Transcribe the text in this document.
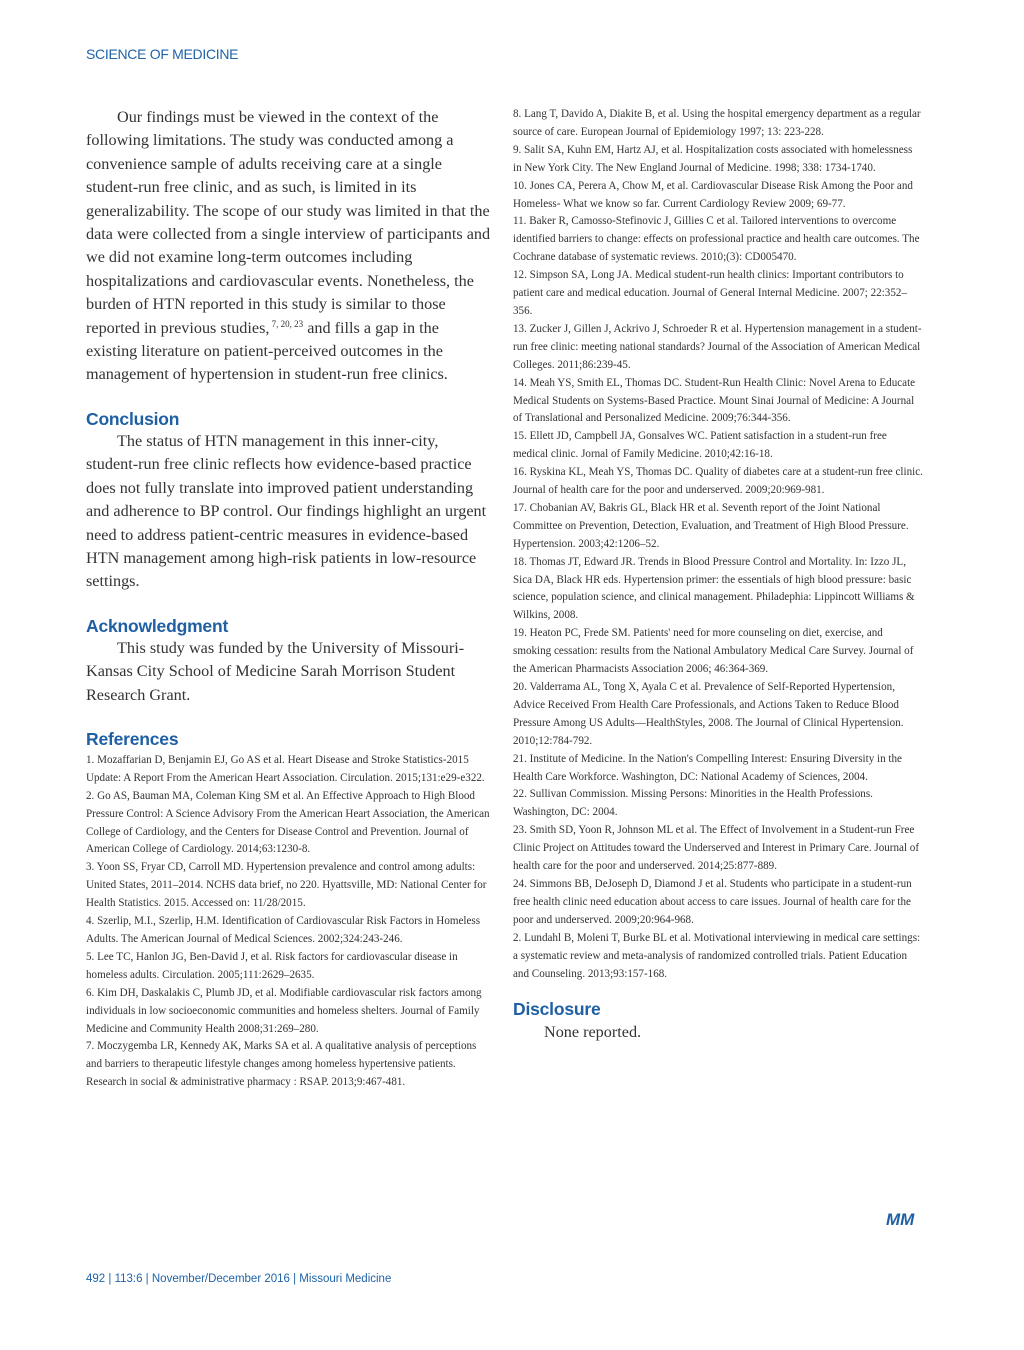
SCIENCE OF MEDICINE

Our findings must be viewed in the context of the following limitations. The study was conducted among a convenience sample of adults receiving care at a single student-run free clinic, and as such, is limited in its generalizability. The scope of our study was limited in that the data were collected from a single interview of participants and we did not examine long-term outcomes including hospitalizations and cardiovascular events. Nonetheless, the burden of HTN reported in this study is similar to those reported in previous studies, $^{7, 20, 23}$ and fills a gap in the existing literature on patient-perceived outcomes in the management of hypertension in student-run free clinics.

Conclusion

The status of HTN management in this inner-city, student-run free clinic reflects how evidence-based practice does not fully translate into improved patient understanding and adherence to BP control. Our findings highlight an urgent need to address patient-centric measures in evidence-based HTN management among high-risk patients in low-resource settings.

Acknowledgment

This study was funded by the University of Missouri- Kansas City School of Medicine Sarah Morrison Student Research Grant.

References
1. Mozaffarian D, Benjamin EJ, Go AS et al. Heart Disease and Stroke Statistics-2015 Update: A Report From the American Heart Association. Circulation. 2015;131:e29-e322.
2. Go AS, Bauman MA, Coleman King SM et al. An Effective Approach to High Blood Pressure Control: A Science Advisory From the American Heart Association, the American College of Cardiology, and the Centers for Disease Control and Prevention. Journal of American College of Cardiology. 2014;63:1230-8.
3. Yoon SS, Fryar CD, Carroll MD. Hypertension prevalence and control among adults: United States, 2011–2014. NCHS data brief, no 220. Hyattsville, MD: National Center for Health Statistics. 2015. Accessed on: 11/28/2015.
4. Szerlip, M.I., Szerlip, H.M. Identification of Cardiovascular Risk Factors in Homeless Adults. The American Journal of Medical Sciences. 2002;324:243-246.
5. Lee TC, Hanlon JG, Ben-David J, et al. Risk factors for cardiovascular disease in homeless adults. Circulation. 2005;111:2629–2635.
6. Kim DH, Daskalakis C, Plumb JD, et al. Modifiable cardiovascular risk factors among individuals in low socioeconomic communities and homeless shelters. Journal of Family Medicine and Community Health 2008;31:269–280.
7. Moczygemba LR, Kennedy AK, Marks SA et al. A qualitative analysis of perceptions and barriers to therapeutic lifestyle changes among homeless hypertensive patients. Research in social & administrative pharmacy : RSAP. 2013;9:467-481.
8. Lang T, Davido A, Diakite B, et al. Using the hospital emergency department as a regular source of care. European Journal of Epidemiology 1997; 13: 223-228.
9. Salit SA, Kuhn EM, Hartz AJ, et al. Hospitalization costs associated with homelessness in New York City. The New England Journal of Medicine. 1998; 338: 1734-1740.
10. Jones CA, Perera A, Chow M, et al. Cardiovascular Disease Risk Among the Poor and Homeless- What we know so far. Current Cardiology Review 2009; 69-77.
11. Baker R, Camosso-Stefinovic J, Gillies C et al. Tailored interventions to overcome identified barriers to change: effects on professional practice and health care outcomes. The Cochrane database of systematic reviews. 2010;(3): CD005470.
12. Simpson SA, Long JA. Medical student-run health clinics: Important contributors to patient care and medical education. Journal of General Internal Medicine. 2007; 22:352–356.
13. Zucker J, Gillen J, Ackrivo J, Schroeder R et al. Hypertension management in a student-run free clinic: meeting national standards? Journal of the Association of American Medical Colleges. 2011;86:239-45.
14. Meah YS, Smith EL, Thomas DC. Student-Run Health Clinic: Novel Arena to Educate Medical Students on Systems-Based Practice. Mount Sinai Journal of Medicine: A Journal of Translational and Personalized Medicine. 2009;76:344-356.
15. Ellett JD, Campbell JA, Gonsalves WC. Patient satisfaction in a student-run free medical clinic. Jornal of Family Medicine. 2010;42:16-18.
16. Ryskina KL, Meah YS, Thomas DC. Quality of diabetes care at a student-run free clinic. Journal of health care for the poor and underserved. 2009;20:969-981.
17. Chobanian AV, Bakris GL, Black HR et al. Seventh report of the Joint National Committee on Prevention, Detection, Evaluation, and Treatment of High Blood Pressure. Hypertension. 2003;42:1206–52.
18. Thomas JT, Edward JR. Trends in Blood Pressure Control and Mortality. In: Izzo JL, Sica DA, Black HR eds. Hypertension primer: the essentials of high blood pressure: basic science, population science, and clinical management. Philadephia: Lippincott Williams & Wilkins, 2008.
19. Heaton PC, Frede SM. Patients' need for more counseling on diet, exercise, and smoking cessation: results from the National Ambulatory Medical Care Survey. Journal of the American Pharmacists Association 2006; 46:364-369.
20. Valderrama AL, Tong X, Ayala C et al. Prevalence of Self-Reported Hypertension, Advice Received From Health Care Professionals, and Actions Taken to Reduce Blood Pressure Among US Adults—HealthStyles, 2008. The Journal of Clinical Hypertension. 2010;12:784-792.
21. Institute of Medicine. In the Nation's Compelling Interest: Ensuring Diversity in the Health Care Workforce. Washington, DC: National Academy of Sciences, 2004.
22. Sullivan Commission. Missing Persons: Minorities in the Health Professions. Washington, DC: 2004.
23. Smith SD, Yoon R, Johnson ML et al. The Effect of Involvement in a Student-run Free Clinic Project on Attitudes toward the Underserved and Interest in Primary Care. Journal of health care for the poor and underserved. 2014;25:877-889.
24. Simmons BB, DeJoseph D, Diamond J et al. Students who participate in a student-run free health clinic need education about access to care issues. Journal of health care for the poor and underserved. 2009;20:964-968.
2. Lundahl B, Moleni T, Burke BL et al. Motivational interviewing in medical care settings: a systematic review and meta-analysis of randomized controlled trials. Patient Education and Counseling. 2013;93:157-168.
Disclosure

None reported.

MM
492 | 113:6 | November/December 2016 | Missouri Medicine
